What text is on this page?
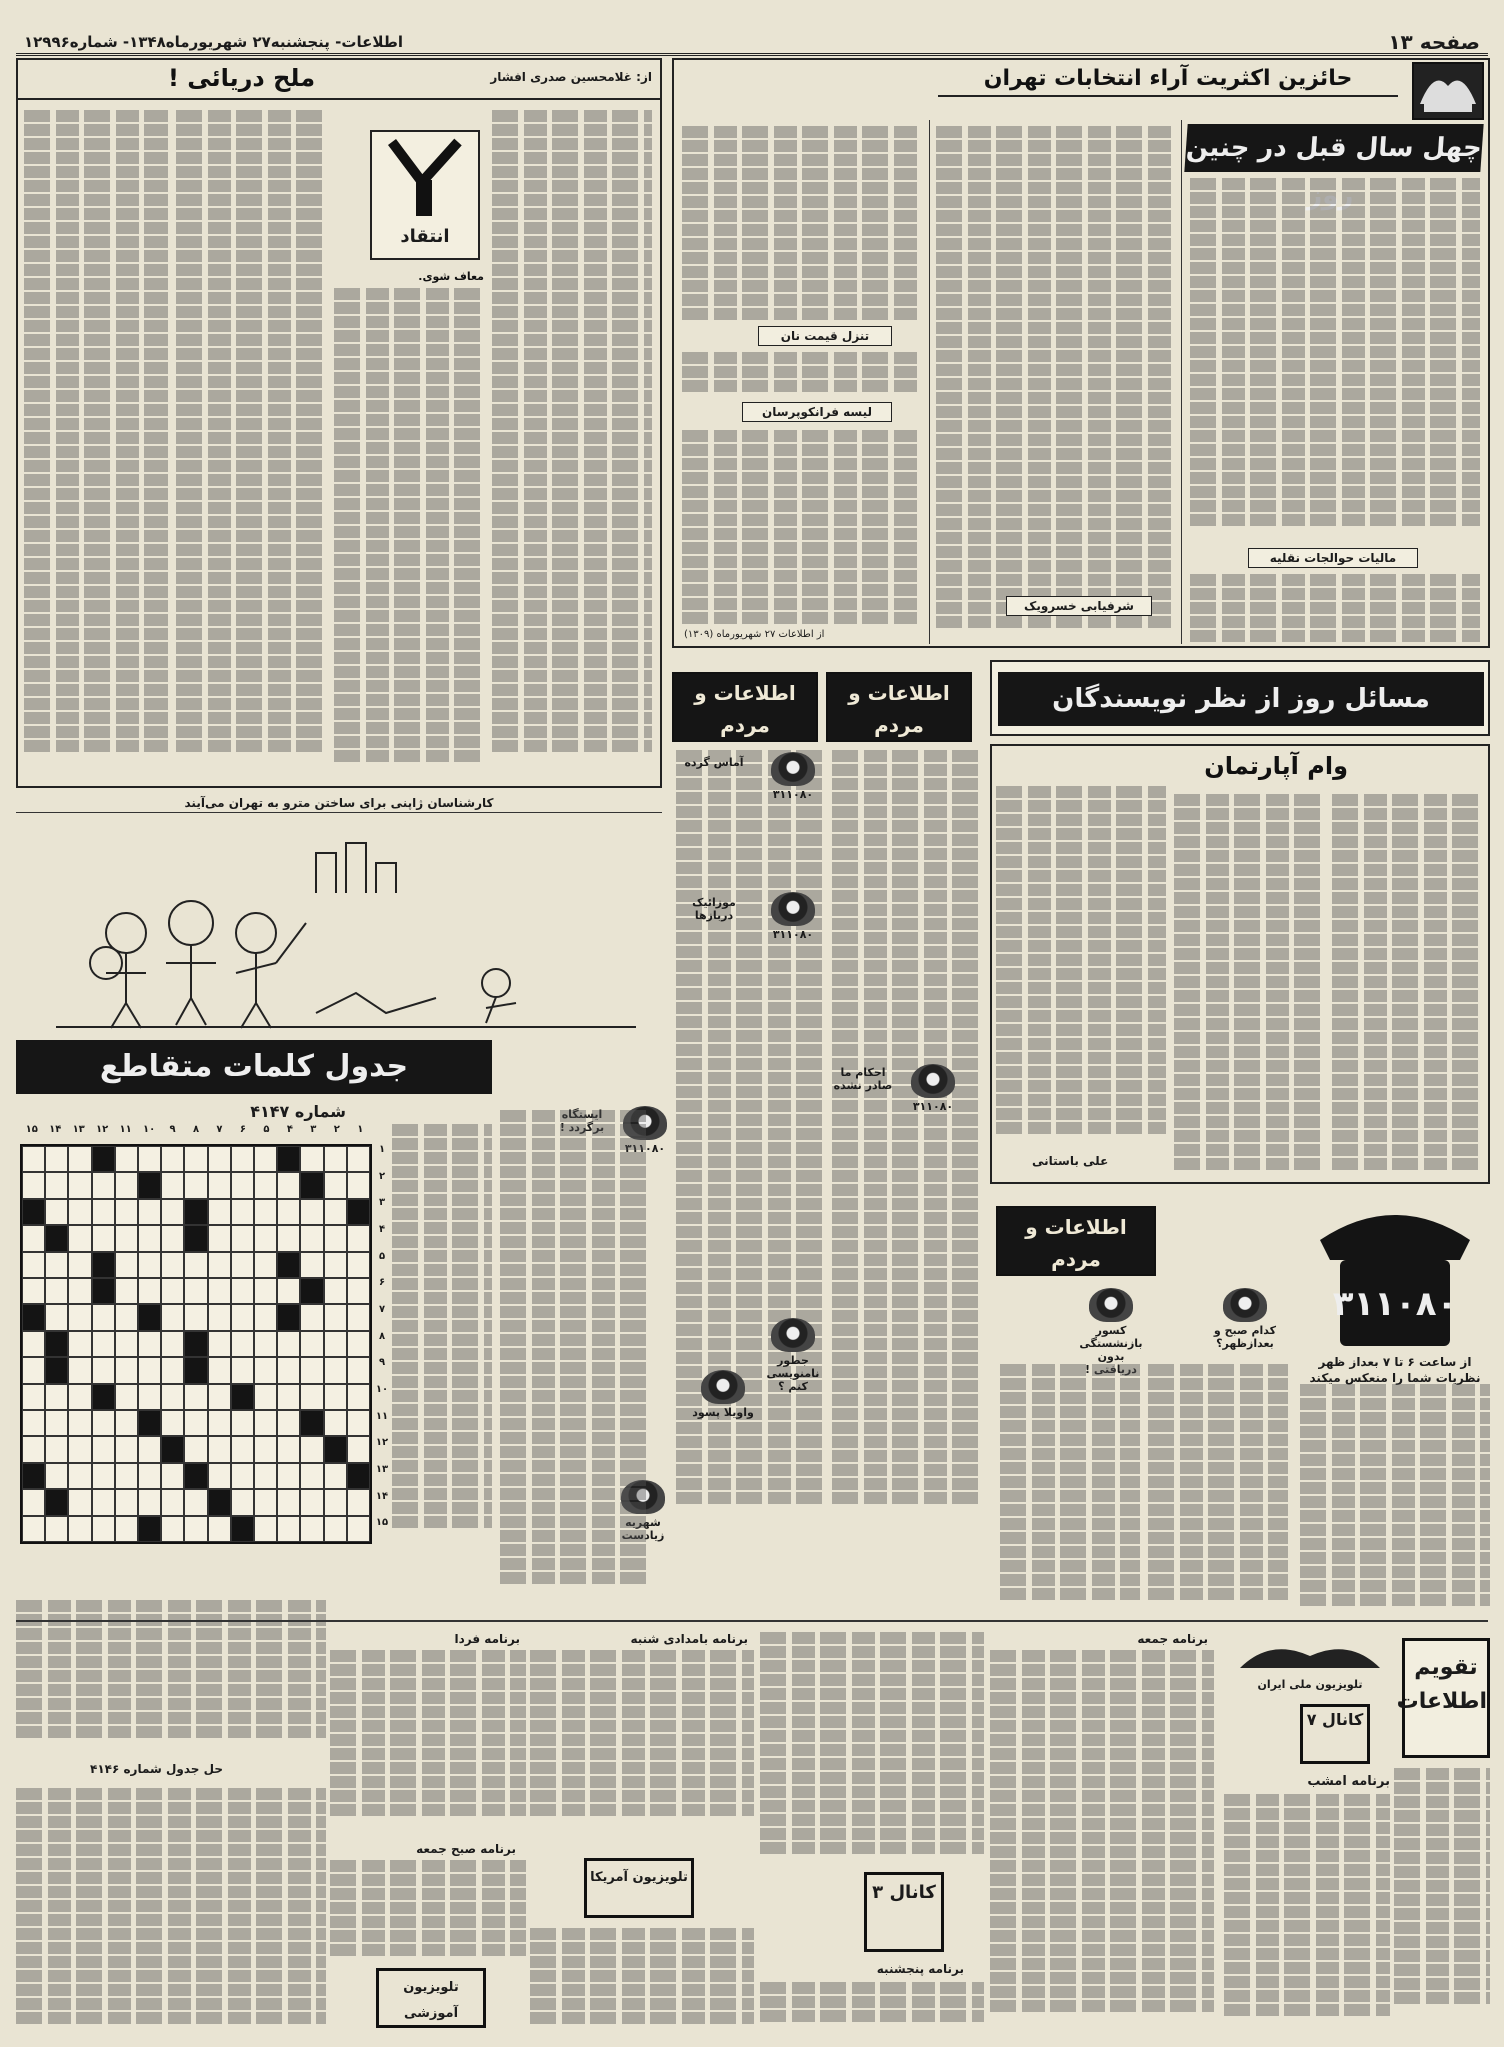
صفحه ۱۳
اطلاعات- پنجشنبه۲۷ شهریورماه۱۳۴۸- شماره۱۲۹۹۶
حائزین اکثریت آراء انتخابات تهران
چهل سال قبل در چنین روز
مالیات حوالجات نقلیه
شرفیابی خسرویک
تنزل قیمت نان
لیسه فرانکوپرسان
از اطلاعات ۲۷ شهریورماه (۱۳۰۹)
ملح دریائی !	از: غلامحسین صدری افشار
انتقاد
معاف شوی.
کارشناسان ژاپنی برای ساختن مترو به تهران می‌آیند
مسائل روز از نظر نویسندگان
وام آپارتمان
علی باستانی
اطلاعات و مردم
اطلاعات و مردم
۳۱۱۰۸۰
آماس گرده
۳۱۱۰۸۰
موزائیک دربازها
۳۱۱۰۸۰
احکام ما صادر نشده
۳۱۱۰۸۰
ایستگاه برگردد !
اطلاعات و مردم
۳۱۱۰۸۰
از ساعت ۶ تا ۷ بعداز ظهر نظریات شما را منعکس میکند
کدام صبح و بعدازظهر؟
کسور بازنشستگی بدون دریافتی !
جطور نامنویسی کنم ؟
واویلا پسود
شهریه زیادست
جدول کلمات متقاطع
شماره ۴۱۴۷
۱۵	۱۴	۱۳	۱۲	۱۱	۱۰	۹	۸	۷	۶	۵	۴	۳	۲	۱
۱
۲
۳
۴
۵
۶
۷
۸
۹
۱۰
۱۱
۱۲
۱۳
۱۴
۱۵
حل جدول شماره ۴۱۴۶
تقویم اطلاعات
تلویزیون ملی ایران
کانال ۷
برنامه امشب
برنامه جمعه
کانال ۳
برنامه پنجشنبه
برنامه بامدادی شنبه
تلویزیون آمریکا
برنامه فردا
برنامه صبح جمعه
تلویزیون آموزشی
